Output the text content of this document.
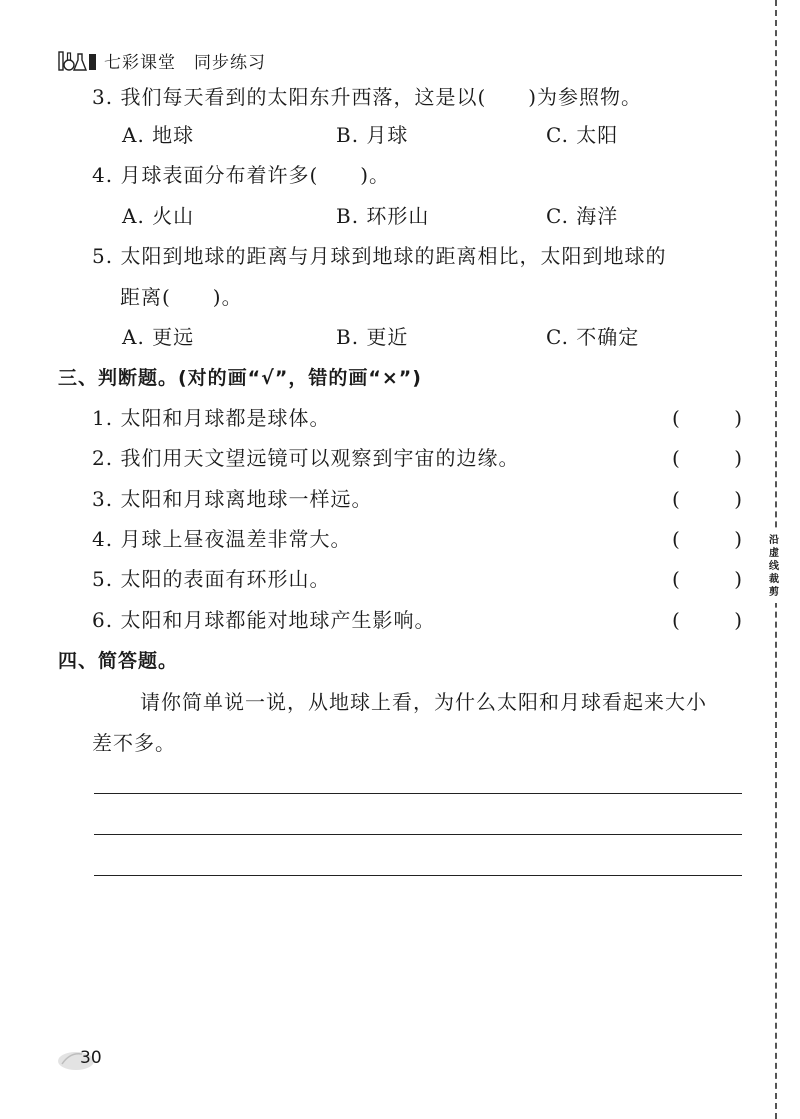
七彩课堂 同步练习
3. 我们每天看到的太阳东升西落，这是以(　　)为参照物。
A. 地球	B. 月球	C. 太阳
4. 月球表面分布着许多(　　)。
A. 火山	B. 环形山	C. 海洋
5. 太阳到地球的距离与月球到地球的距离相比，太阳到地球的
距离(　　)。
A. 更远	B. 更近	C. 不确定
三、判断题。(对的画“√”，错的画“×”)
1. 太阳和月球都是球体。	(	)
2. 我们用天文望远镜可以观察到宇宙的边缘。	(	)
3. 太阳和月球离地球一样远。	(	)
4. 月球上昼夜温差非常大。	(	)
5. 太阳的表面有环形山。	(	)
6. 太阳和月球都能对地球产生影响。	(	)
四、简答题。
请你简单说一说，从地球上看，为什么太阳和月球看起来大小
差不多。
沿
虚
线
裁
剪
30
